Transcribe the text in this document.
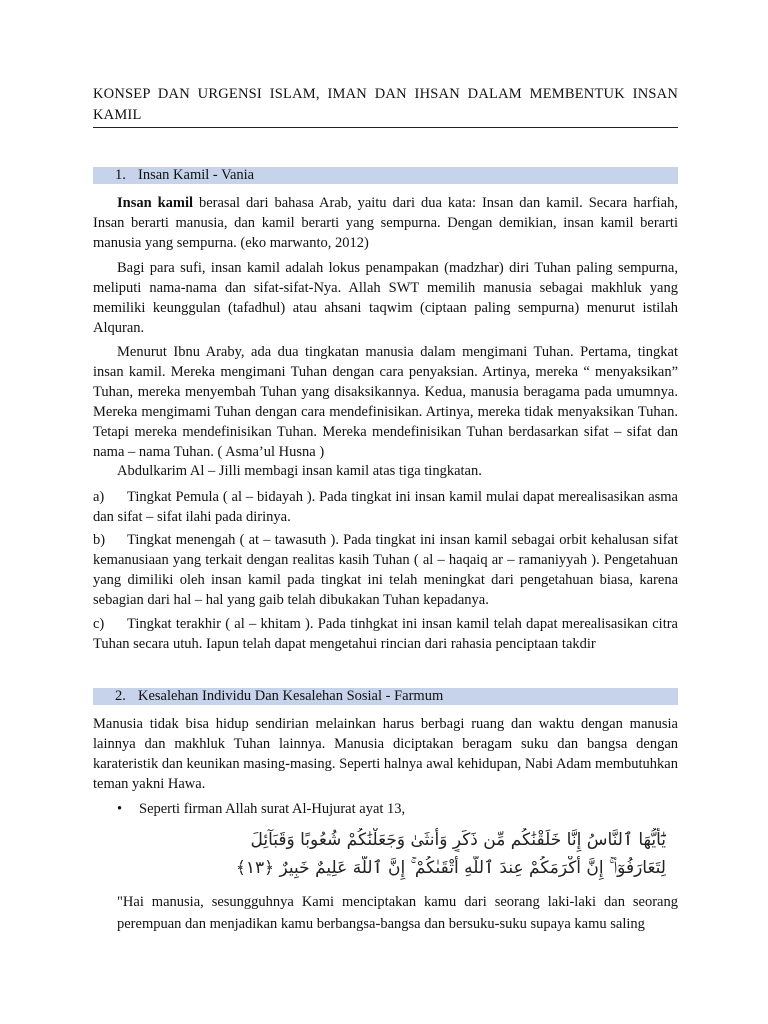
KONSEP DAN URGENSI ISLAM, IMAN DAN IHSAN DALAM MEMBENTUK INSAN KAMIL
1. Insan Kamil - Vania

Insan kamil berasal dari bahasa Arab, yaitu dari dua kata: Insan dan kamil. Secara harfiah, Insan berarti manusia, dan kamil berarti yang sempurna. Dengan demikian, insan kamil berarti manusia yang sempurna. (eko marwanto, 2012)

Bagi para sufi, insan kamil adalah lokus penampakan (madzhar) diri Tuhan paling sempurna, meliputi nama-nama dan sifat-sifat-Nya. Allah SWT memilih manusia sebagai makhluk yang memiliki keunggulan (tafadhul) atau ahsani taqwim (ciptaan paling sempurna) menurut istilah Alquran.

Menurut Ibnu Araby, ada dua tingkatan manusia dalam mengimani Tuhan. Pertama, tingkat insan kamil. Mereka mengimani Tuhan dengan cara penyaksian. Artinya, mereka “ menyaksikan” Tuhan, mereka menyembah Tuhan yang disaksikannya. Kedua, manusia beragama pada umumnya. Mereka mengimami Tuhan dengan cara mendefinisikan. Artinya, mereka tidak menyaksikan Tuhan. Tetapi mereka mendefinisikan Tuhan. Mereka mendefinisikan Tuhan berdasarkan sifat – sifat dan nama – nama Tuhan. ( Asma’ul Husna )

Abdulkarim Al – Jilli membagi insan kamil atas tiga tingkatan.

a) Tingkat Pemula ( al – bidayah ). Pada tingkat ini insan kamil mulai dapat merealisasikan asma dan sifat – sifat ilahi pada dirinya.

b) Tingkat menengah ( at – tawasuth ). Pada tingkat ini insan kamil sebagai orbit kehalusan sifat kemanusiaan yang terkait dengan realitas kasih Tuhan ( al – haqaiq ar – ramaniyyah ). Pengetahuan yang dimiliki oleh insan kamil pada tingkat ini telah meningkat dari pengetahuan biasa, karena sebagian dari hal – hal yang gaib telah dibukakan Tuhan kepadanya.

c) Tingkat terakhir ( al – khitam ). Pada tinhgkat ini insan kamil telah dapat merealisasikan citra Tuhan secara utuh. Iapun telah dapat mengetahui rincian dari rahasia penciptaan takdir

2. Kesalehan Individu Dan Kesalehan Sosial - Farmum

Manusia tidak bisa hidup sendirian melainkan harus berbagi ruang dan waktu dengan manusia lainnya dan makhluk Tuhan lainnya. Manusia diciptakan beragam suku dan bangsa dengan karateristik dan keunikan masing-masing. Seperti halnya awal kehidupan, Nabi Adam membutuhkan teman yakni Hawa.

• Seperti firman Allah surat Al-Hujurat ayat 13,
يَٰٓأَيُّهَا ٱلنَّاسُ إِنَّا خَلَقْنَٰكُم مِّن ذَكَرٍ وَأُنثَىٰ وَجَعَلْنَٰكُمْ شُعُوبًا وَقَبَآئِلَ
لِتَعَارَفُوٓا۟ ۚ إِنَّ أَكْرَمَكُمْ عِندَ ٱللَّهِ أَتْقَىٰكُمْ ۚ إِنَّ ٱللَّهَ عَلِيمٌ خَبِيرٌ ﴿١٣﴾

"Hai manusia, sesungguhnya Kami menciptakan kamu dari seorang laki-laki dan seorang perempuan dan menjadikan kamu berbangsa-bangsa dan bersuku-suku supaya kamu saling
